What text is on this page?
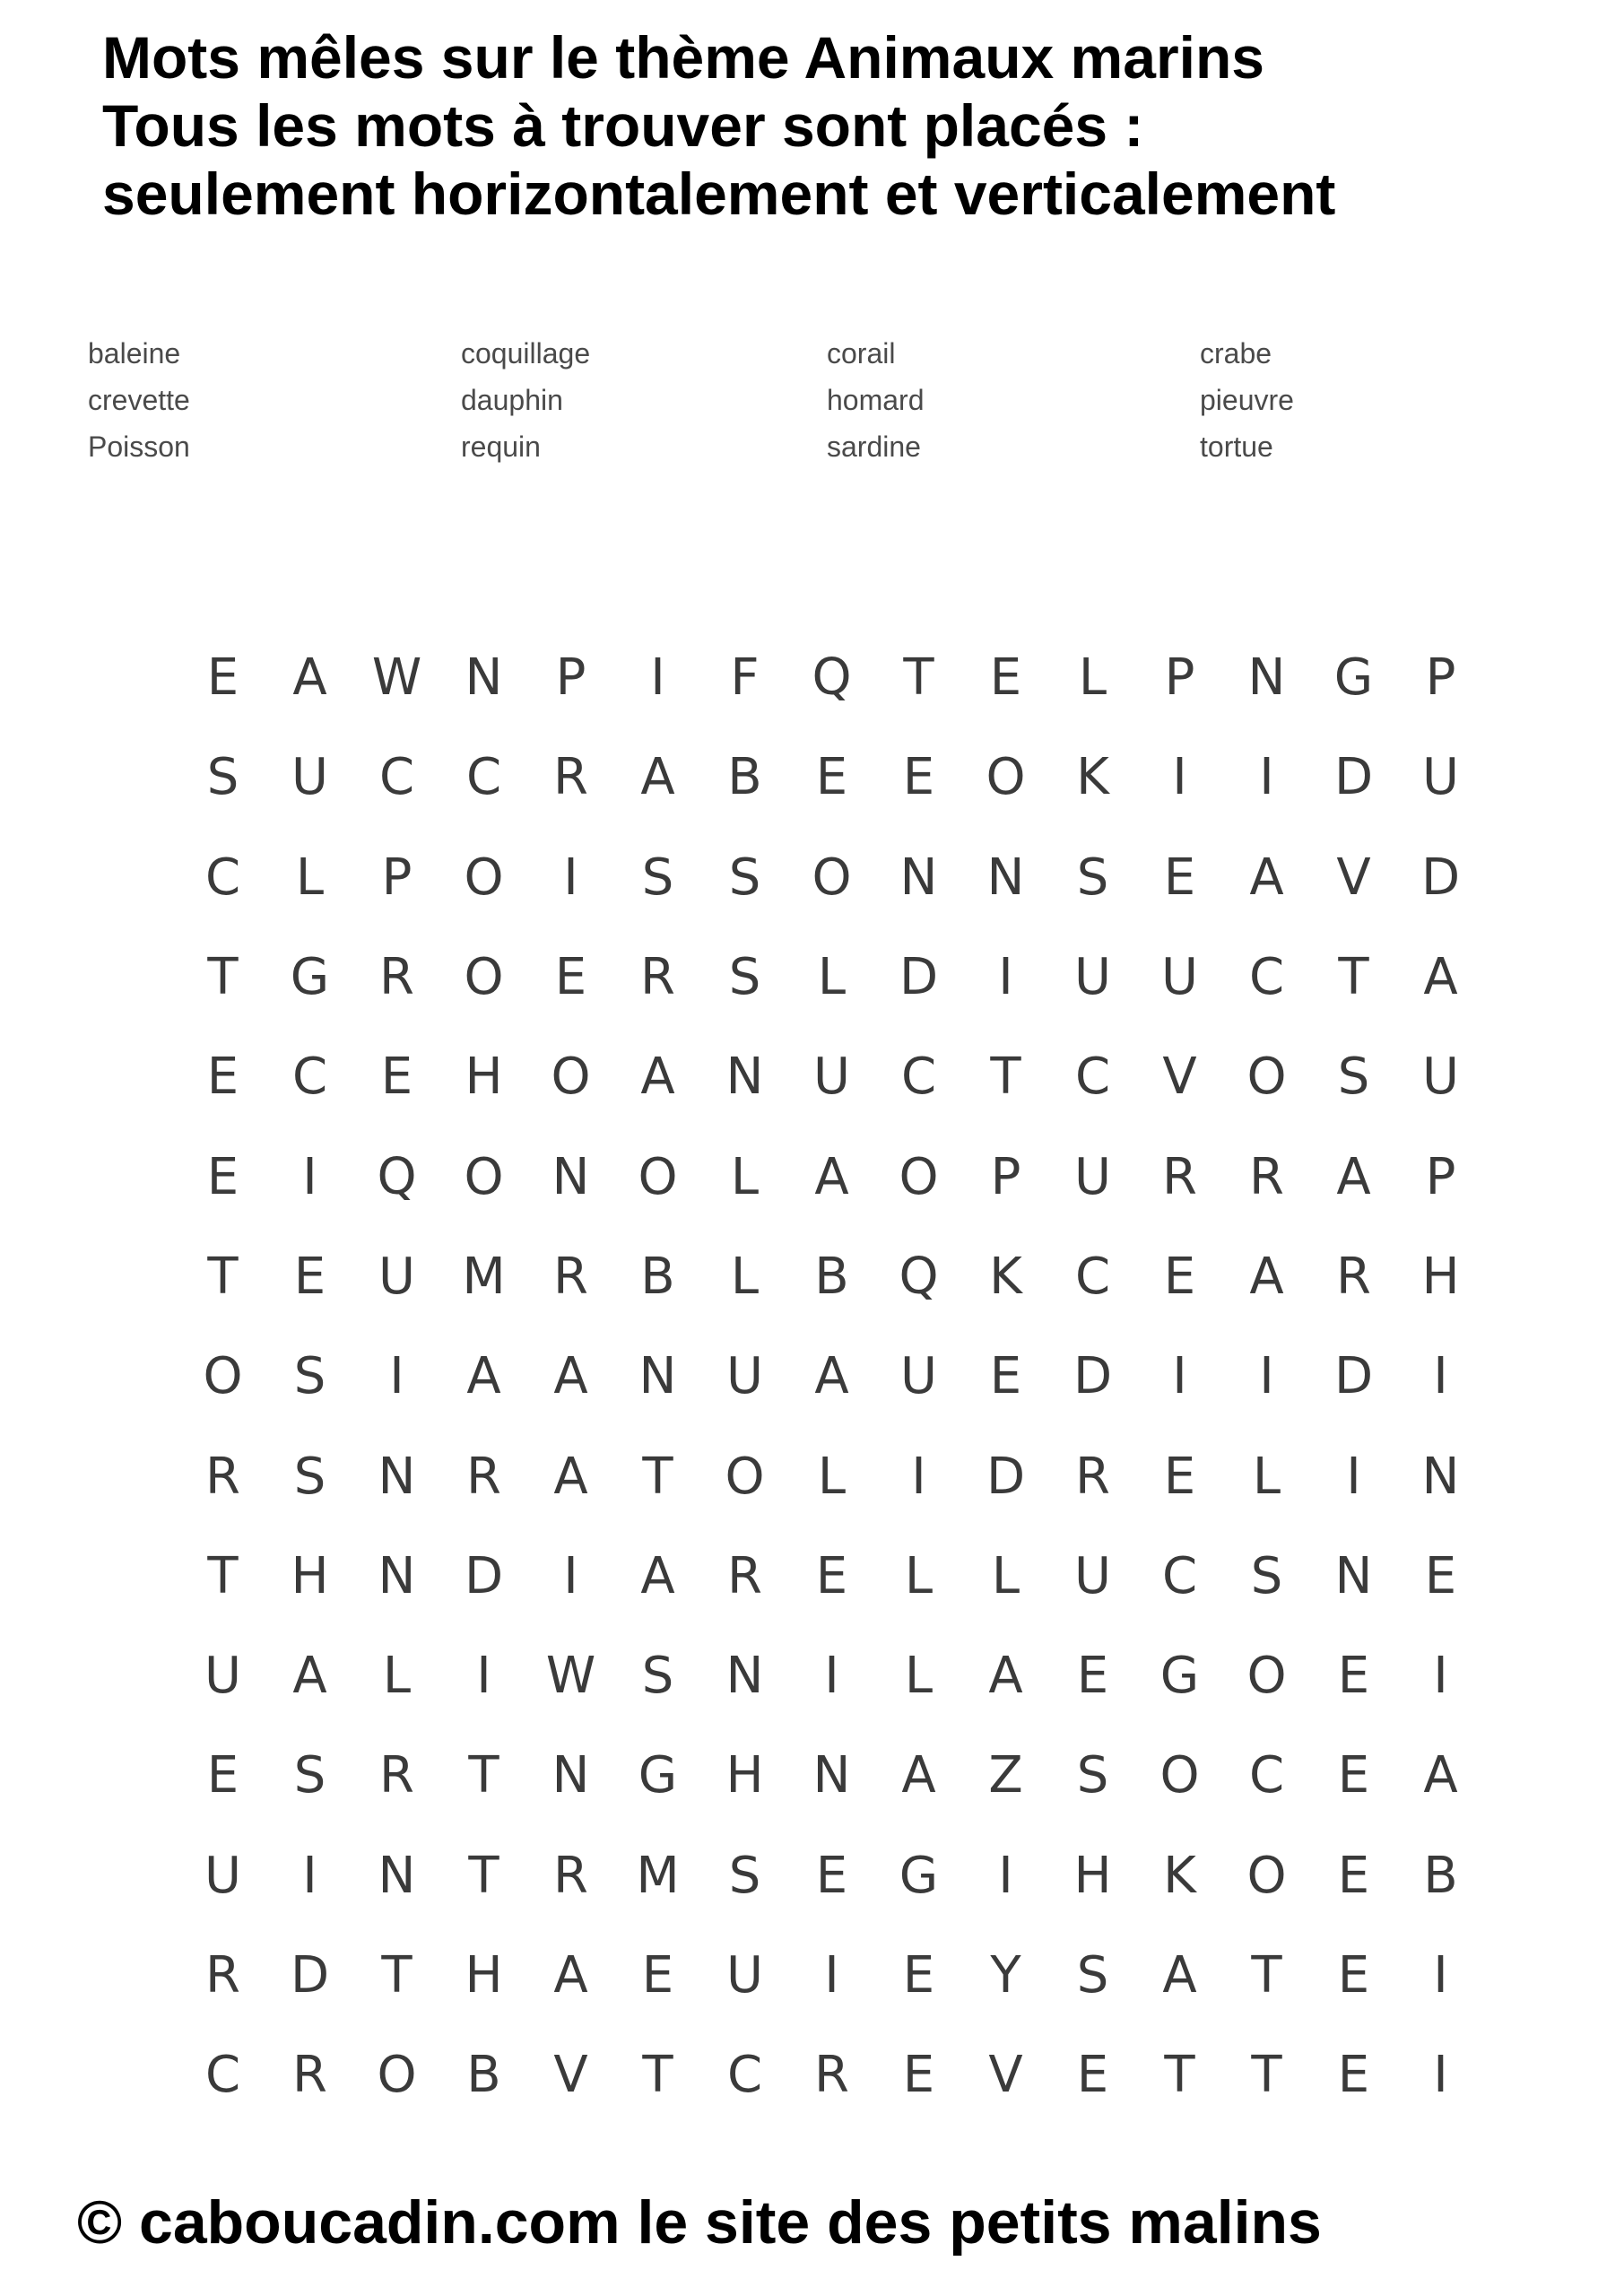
Mots mêles sur le thème Animaux marins
Tous les mots à trouver sont placés :
seulement horizontalement et verticalement
baleine
crevette
Poisson
coquillage
dauphin
requin
corail
homard
sardine
crabe
pieuvre
tortue
E	A W N	P	I	F	Q	T	E	L	P	N G	P
S	U	C	C	R	A	B	E	E	O	K	I	I	D U
C	L	P	O	I	S	S	O N N	S	E	A	V	D
T	G R O	E	R	S	L	D	I	U	U	C	T	A
E	C	E	H O A	N U	C	T	C	V O	S	U
E	I	Q O N O	L	A O	P	U	R	R	A	P
T	E	U M R	B	L	B Q	K	C	E	A	R	H
O	S	I	A	A	N U	A	U	E	D	I	I	D	I
R	S	N	R	A	T	O	L	I	D R	E	L	I	N
T	H N D	I	A	R	E	L	L	U	C	S	N	E
U	A	L	I	W S	N	I	L	A	E	G O	E	I
E	S	R	T	N G H N	A	Z	S	O C	E	A
U	I	N	T	R M S	E	G	I	H	K	O	E	B
R D	T	H	A	E	U	I	E	Y	S	A	T	E	I
C	R O B	V	T	C	R	E	V	E	T	T	E	I
© caboucadin.com le site des petits malins
